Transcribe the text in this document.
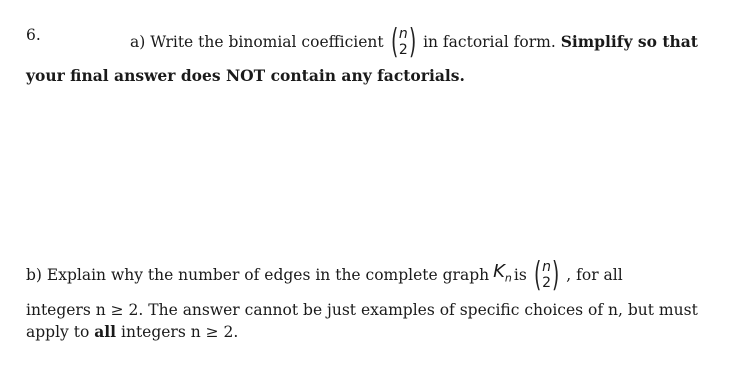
6.	a) Write the binomial coefficient ( n
2 ) in factorial form.
Simplify so that
your final answer does NOT contain any factorials.
b) Explain why the number of edges in the complete graph $K_n$ is ( n
2 ) , for all
integers n ≥ 2. The answer cannot be just examples of specific choices of n, but must
apply to all integers n ≥ 2.
